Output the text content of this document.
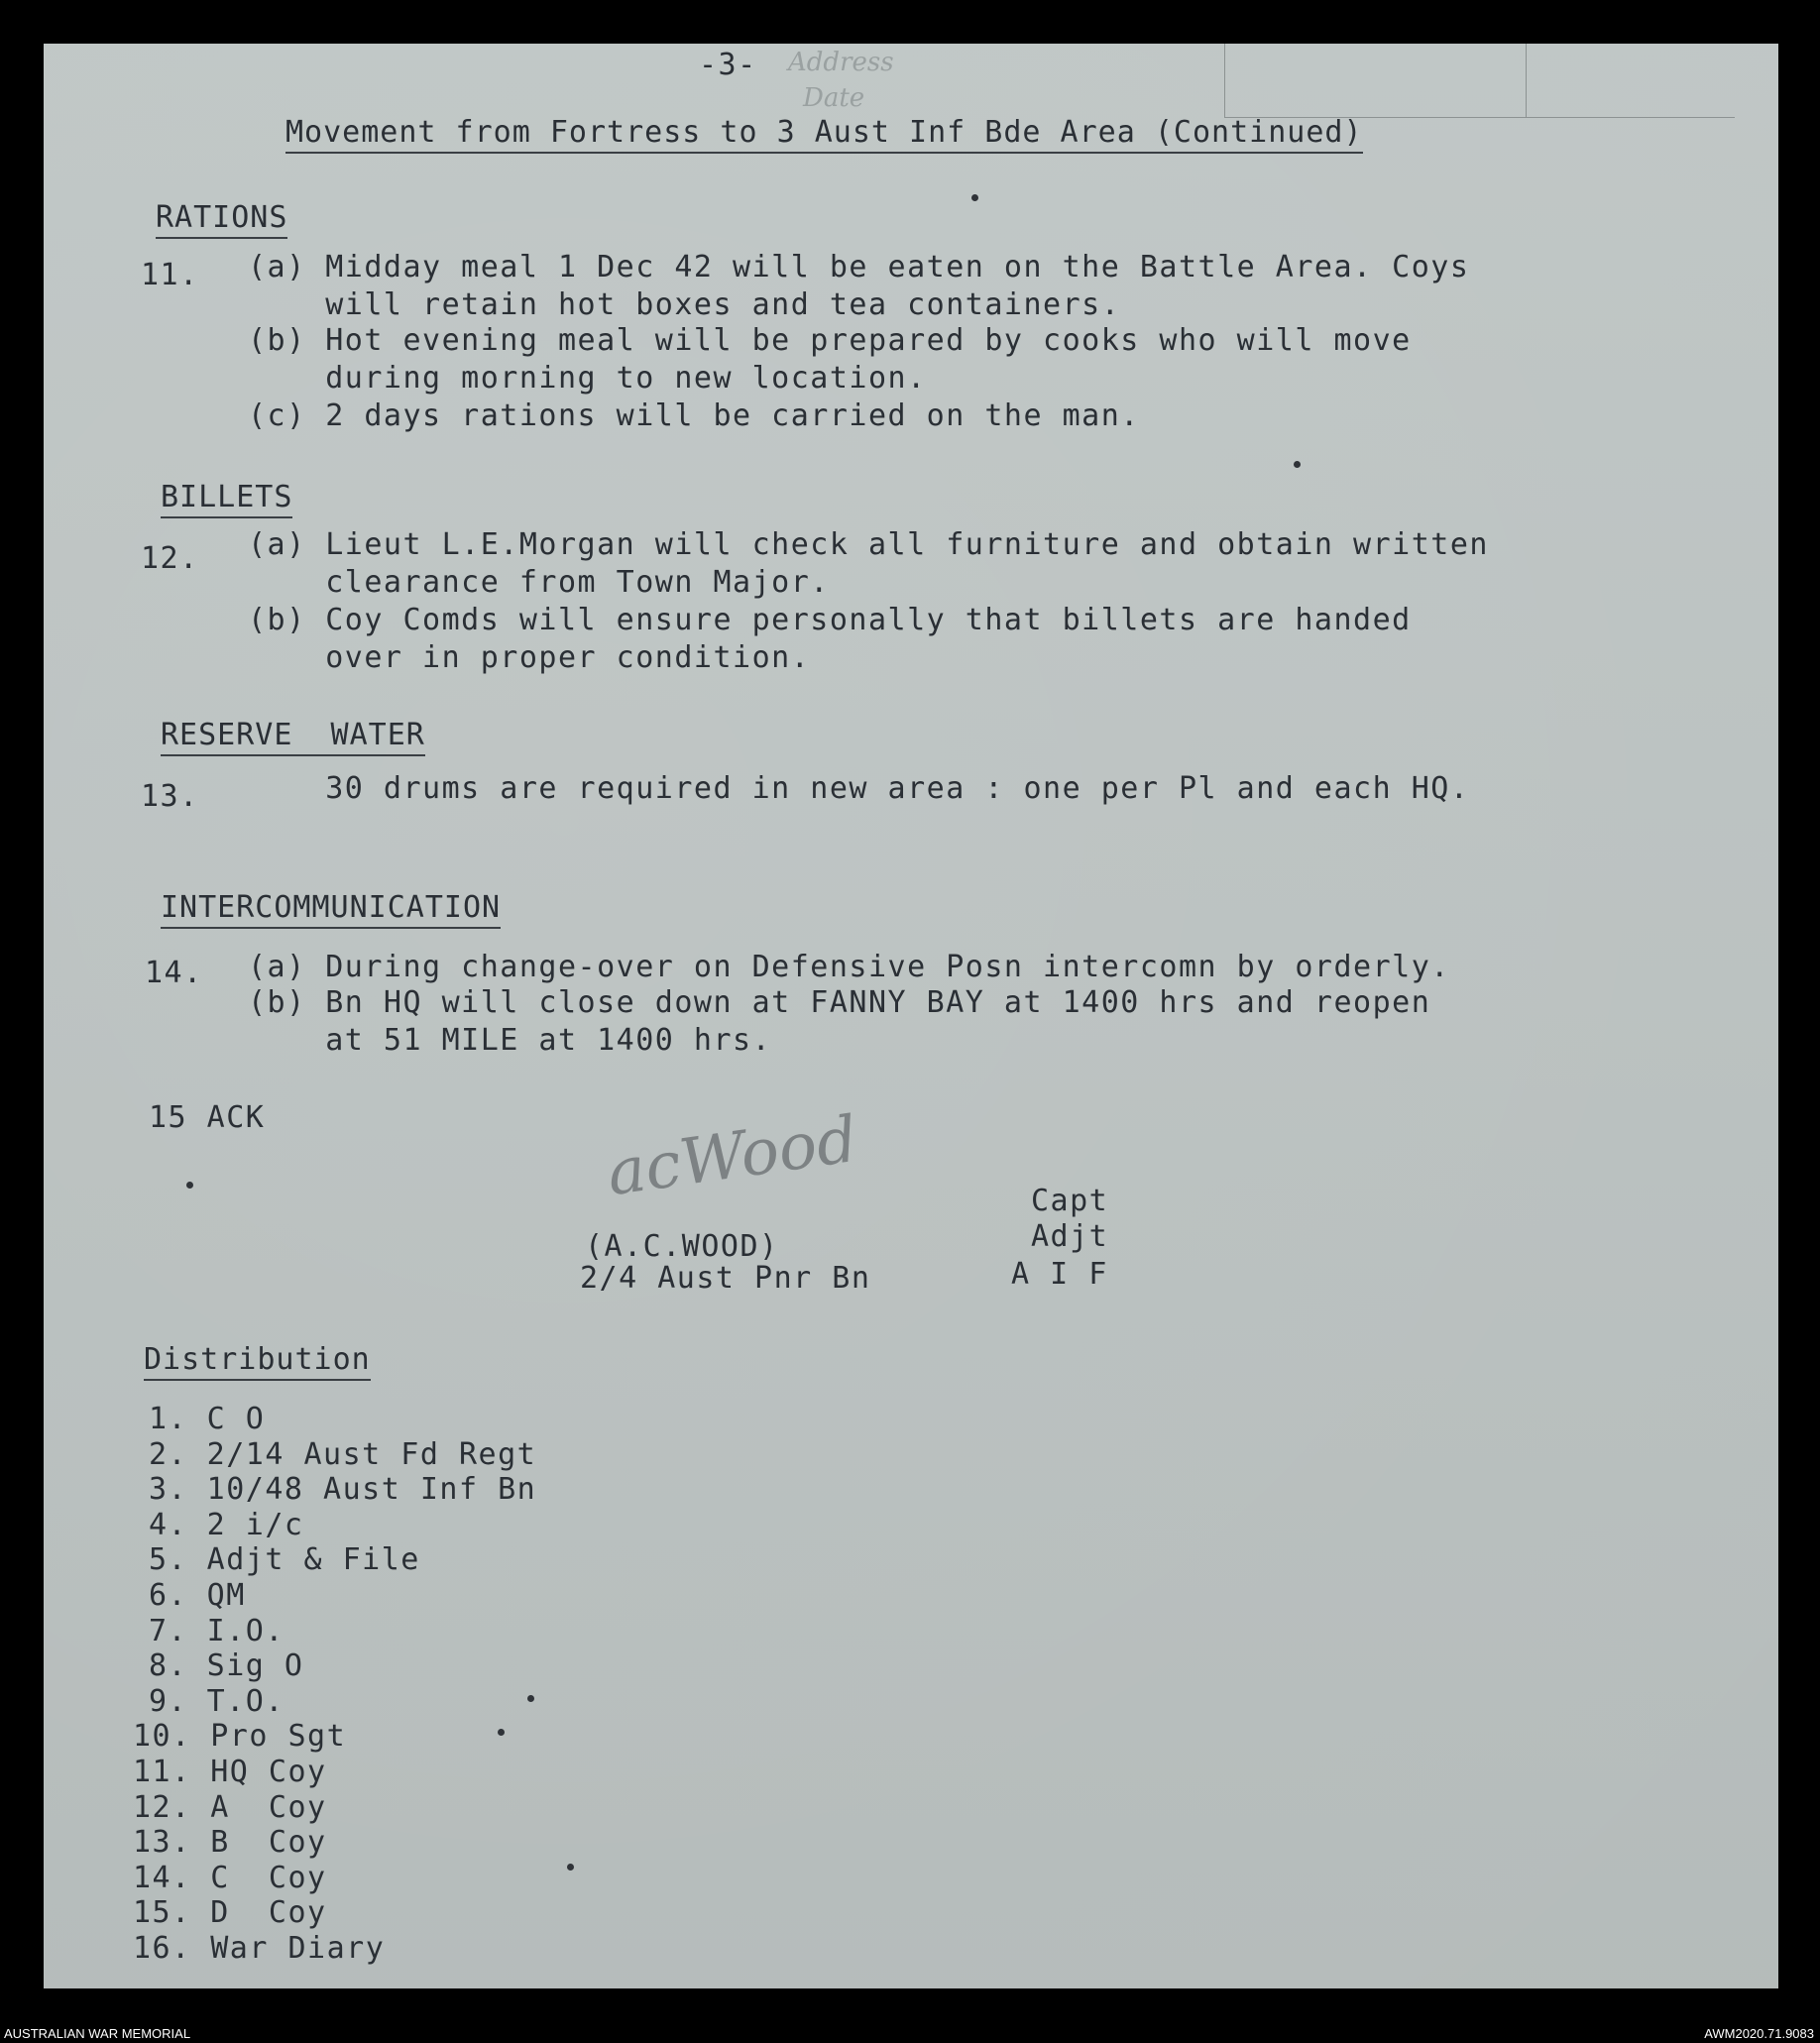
Address
Date
-3-
Movement from Fortress to 3 Aust Inf Bde Area (Continued)
RATIONS
11. (a) Midday meal 1 Dec 42 will be eaten on the Battle Area. Coys
will retain hot boxes and tea containers.
(b) Hot evening meal will be prepared by cooks who will move
during morning to new location.
(c) 2 days rations will be carried on the man.
BILLETS
12. (a) Lieut L.E.Morgan will check all furniture and obtain written
clearance from Town Major.
(b) Coy Comds will ensure personally that billets are handed
over in proper condition.
RESERVE  WATER
13. 30 drums are required in new area : one per Pl and each HQ.
INTERCOMMUNICATION
14. (a) During change-over on Defensive Posn intercomn by orderly.
(b) Bn HQ will close down at FANNY BAY at 1400 hrs and reopen
at 51 MILE at 1400 hrs.
15 ACK	acWood
(A.C.WOOD)
2/4 Aust Pnr Bn
Capt
Adjt
A I F
Distribution
1. C O
2. 2/14 Aust Fd Regt
3. 10/48 Aust Inf Bn
4. 2 i/c
5. Adjt & File
6. QM
7. I.O.
8. Sig O
9. T.O.
10. Pro Sgt
11. HQ Coy
12. A  Coy
13. B  Coy
14. C  Coy
15. D  Coy
16. War Diary
AUSTRALIAN WAR MEMORIAL	AWM2020.71.9083
